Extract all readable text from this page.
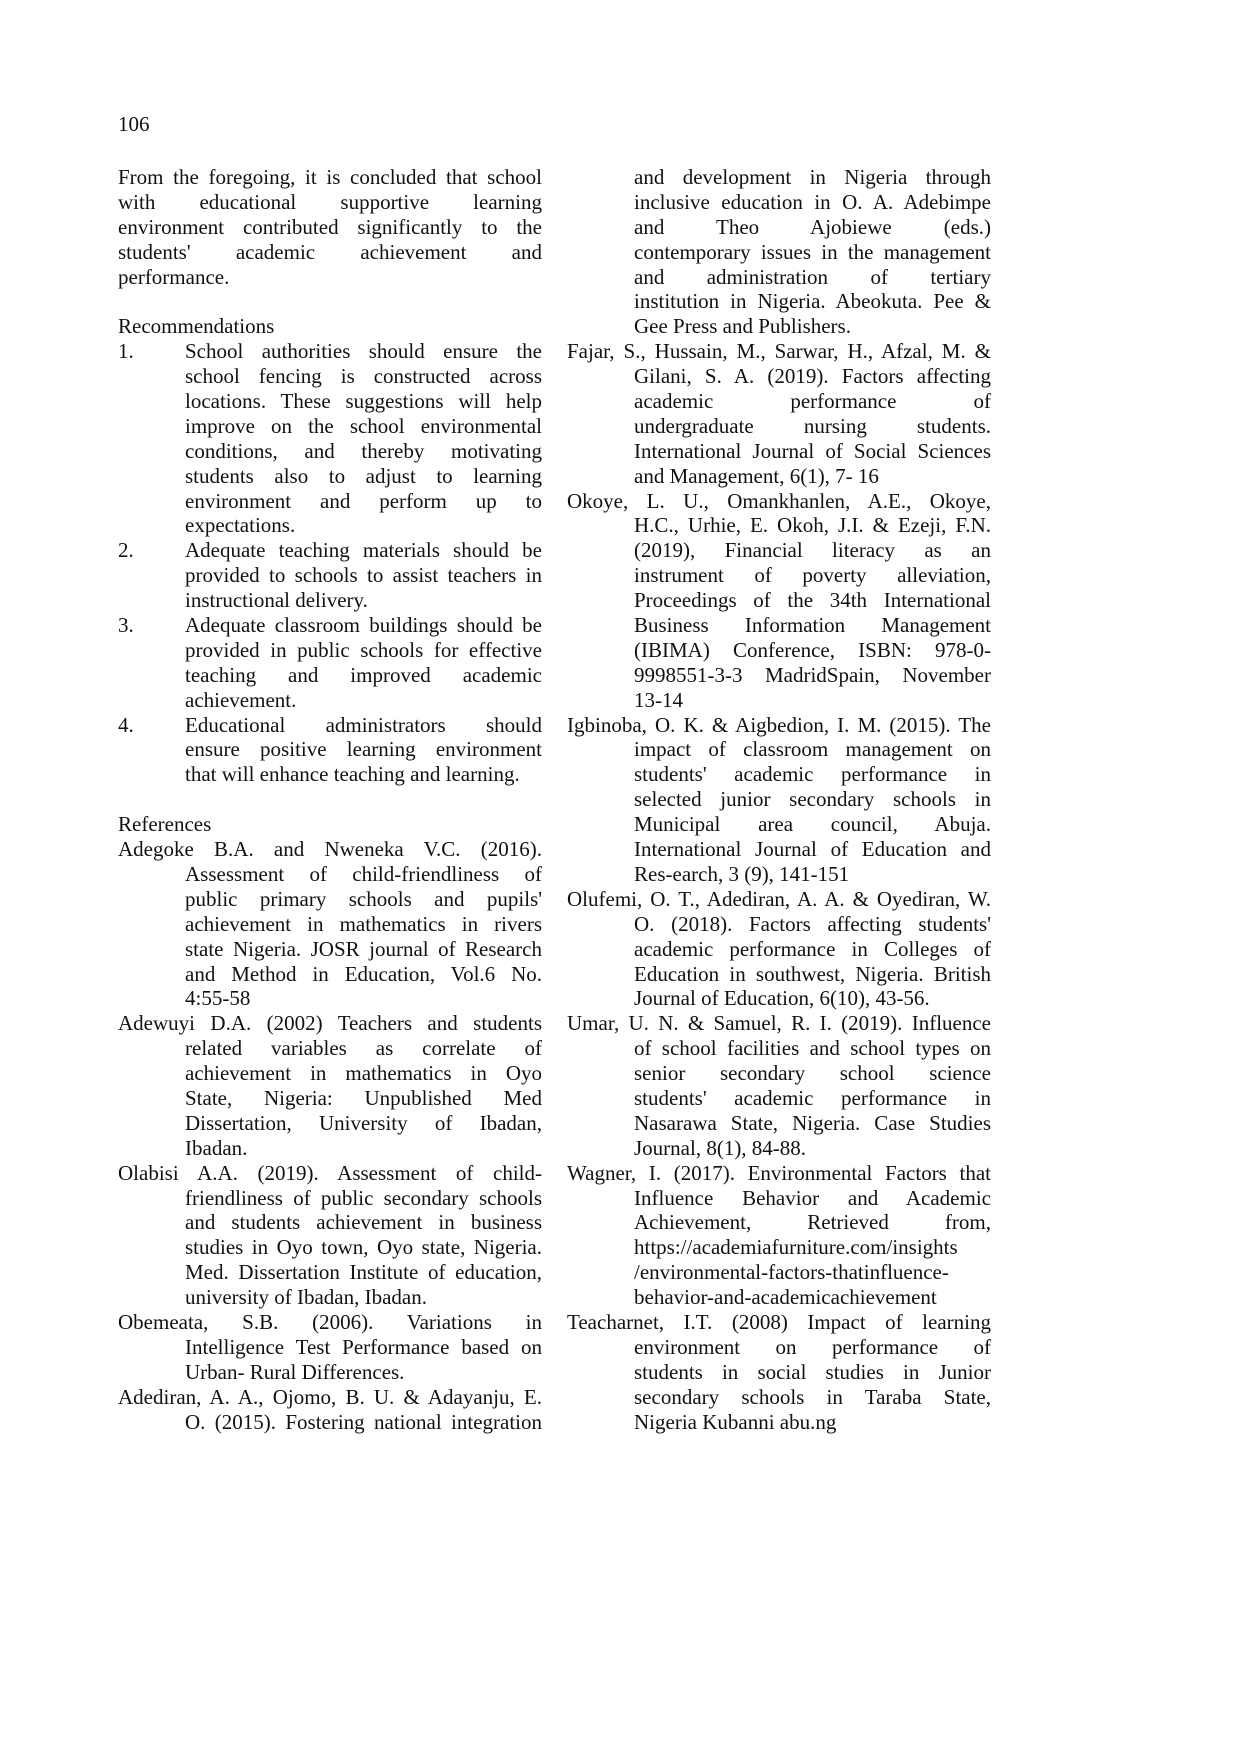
106
From the foregoing, it is concluded that school
with educational supportive learning
environment contributed significantly to the
students' academic achievement and
performance.
Recommendations
1. School authorities should ensure the
school fencing is constructed across
locations. These suggestions will help
improve on the school environmental
conditions, and thereby motivating
students also to adjust to learning
environment and perform up to
expectations.
2. Adequate teaching materials should be
provided to schools to assist teachers in
instructional delivery.
3. Adequate classroom buildings should be
provided in public schools for effective
teaching and improved academic
achievement.
4. Educational administrators should
ensure positive learning environment
that will enhance teaching and learning.
References
Adegoke B.A. and Nweneka V.C. (2016).
Assessment of child-friendliness of
public primary schools and pupils'
achievement in mathematics in rivers
state Nigeria. JOSR journal of Research
and Method in Education, Vol.6 No.
4:55-58
Adewuyi D.A. (2002) Teachers and students
related variables as correlate of
achievement in mathematics in Oyo
State, Nigeria: Unpublished Med
Dissertation, University of Ibadan,
Ibadan.
Olabisi A.A. (2019). Assessment of child-
friendliness of public secondary schools
and students achievement in business
studies in Oyo town, Oyo state, Nigeria.
Med. Dissertation Institute of education,
university of Ibadan, Ibadan.
Obemeata, S.B. (2006). Variations in
Intelligence Test Performance based on
Urban- Rural Differences.
Adediran, A. A., Ojomo, B. U. & Adayanju, E.
O. (2015). Fostering national integration
and development in Nigeria through
inclusive education in O. A. Adebimpe
and Theo Ajobiewe (eds.)
contemporary issues in the management
and administration of tertiary
institution in Nigeria. Abeokuta. Pee &
Gee Press and Publishers.
Fajar, S., Hussain, M., Sarwar, H., Afzal, M. &
Gilani, S. A. (2019). Factors affecting
academic performance of
undergraduate nursing students.
International Journal of Social Sciences
and Management, 6(1), 7- 16
Okoye, L. U., Omankhanlen, A.E., Okoye,
H.C., Urhie, E. Okoh, J.I. & Ezeji, F.N.
(2019), Financial literacy as an
instrument of poverty alleviation,
Proceedings of the 34th International
Business Information Management
(IBIMA) Conference, ISBN: 978-0-
9998551-3-3 MadridSpain, November
13-14
Igbinoba, O. K. & Aigbedion, I. M. (2015). The
impact of classroom management on
students' academic performance in
selected junior secondary schools in
Municipal area council, Abuja.
International Journal of Education and
Res-earch, 3 (9), 141-151
Olufemi, O. T., Adediran, A. A. & Oyediran, W.
O. (2018). Factors affecting students'
academic performance in Colleges of
Education in southwest, Nigeria. British
Journal of Education, 6(10), 43-56.
Umar, U. N. & Samuel, R. I. (2019). Influence
of school facilities and school types on
senior secondary school science
students' academic performance in
Nasarawa State, Nigeria. Case Studies
Journal, 8(1), 84-88.
Wagner, I. (2017). Environmental Factors that
Influence Behavior and Academic
Achievement, Retrieved from,
https://academiafurniture.com/insights
/environmental-factors-thatinfluence-
behavior-and-academicachievement
Teacharnet, I.T. (2008) Impact of learning
environment on performance of
students in social studies in Junior
secondary schools in Taraba State,
Nigeria Kubanni abu.ng
